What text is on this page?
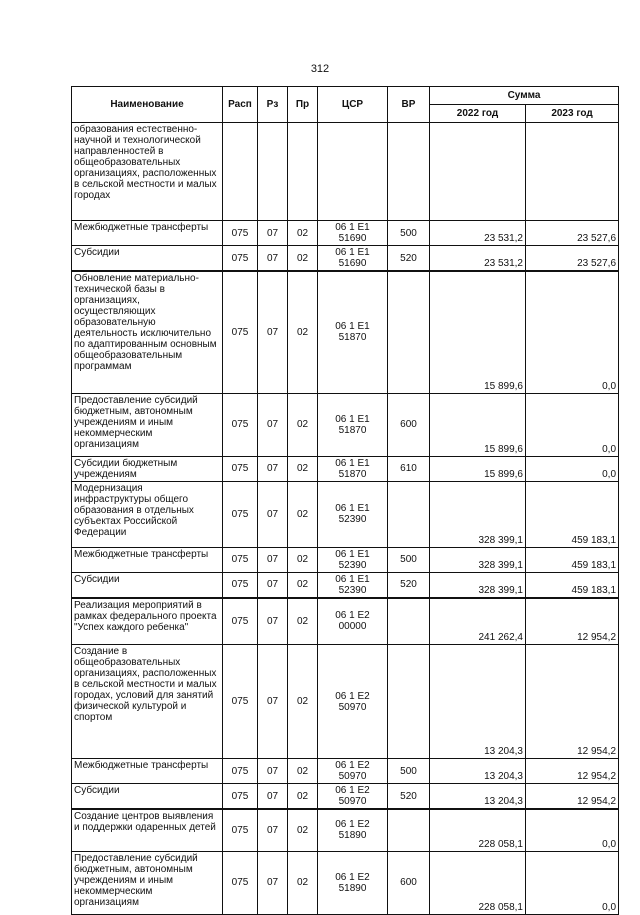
312
Наименование	Расп	Рз	Пр	ЦСР	ВР	Сумма	
						2022 год	2023 год
образования естественно-научной и технологической направленностей в общеобразовательных организациях, расположенных в сельской местности и малых городах							
Межбюджетные трансферты	075	07	02	06 1 Е1 51690	500	23 531,2	23 527,6
Субсидии	075	07	02	06 1 Е1 51690	520	23 531,2	23 527,6
Обновление материально-технической базы в организациях, осуществляющих образовательную деятельность исключительно по адаптированным основным общеобразовательным программам	075	07	02	06 1 Е1 51870		15 899,6	0,0
Предоставление субсидий бюджетным, автономным учреждениям и иным некоммерческим организациям	075	07	02	06 1 Е1 51870	600	15 899,6	0,0
Субсидии бюджетным учреждениям	075	07	02	06 1 Е1 51870	610	15 899,6	0,0
Модернизация инфраструктуры общего образования в отдельных субъектах Российской Федерации	075	07	02	06 1 Е1 52390		328 399,1	459 183,1
Межбюджетные трансферты	075	07	02	06 1 Е1 52390	500	328 399,1	459 183,1
Субсидии	075	07	02	06 1 Е1 52390	520	328 399,1	459 183,1
Реализация мероприятий в рамках федерального проекта "Успех каждого ребенка"	075	07	02	06 1 Е2 00000		241 262,4	12 954,2
Создание в общеобразовательных организациях, расположенных в сельской местности и малых городах, условий для занятий физической культурой и спортом	075	07	02	06 1 Е2 50970		13 204,3	12 954,2
Межбюджетные трансферты	075	07	02	06 1 Е2 50970	500	13 204,3	12 954,2
Субсидии	075	07	02	06 1 Е2 50970	520	13 204,3	12 954,2
Создание центров выявления и поддержки одаренных детей	075	07	02	06 1 Е2 51890		228 058,1	0,0
Предоставление субсидий бюджетным, автономным учреждениям и иным некоммерческим организациям	075	07	02	06 1 Е2 51890	600	228 058,1	0,0
